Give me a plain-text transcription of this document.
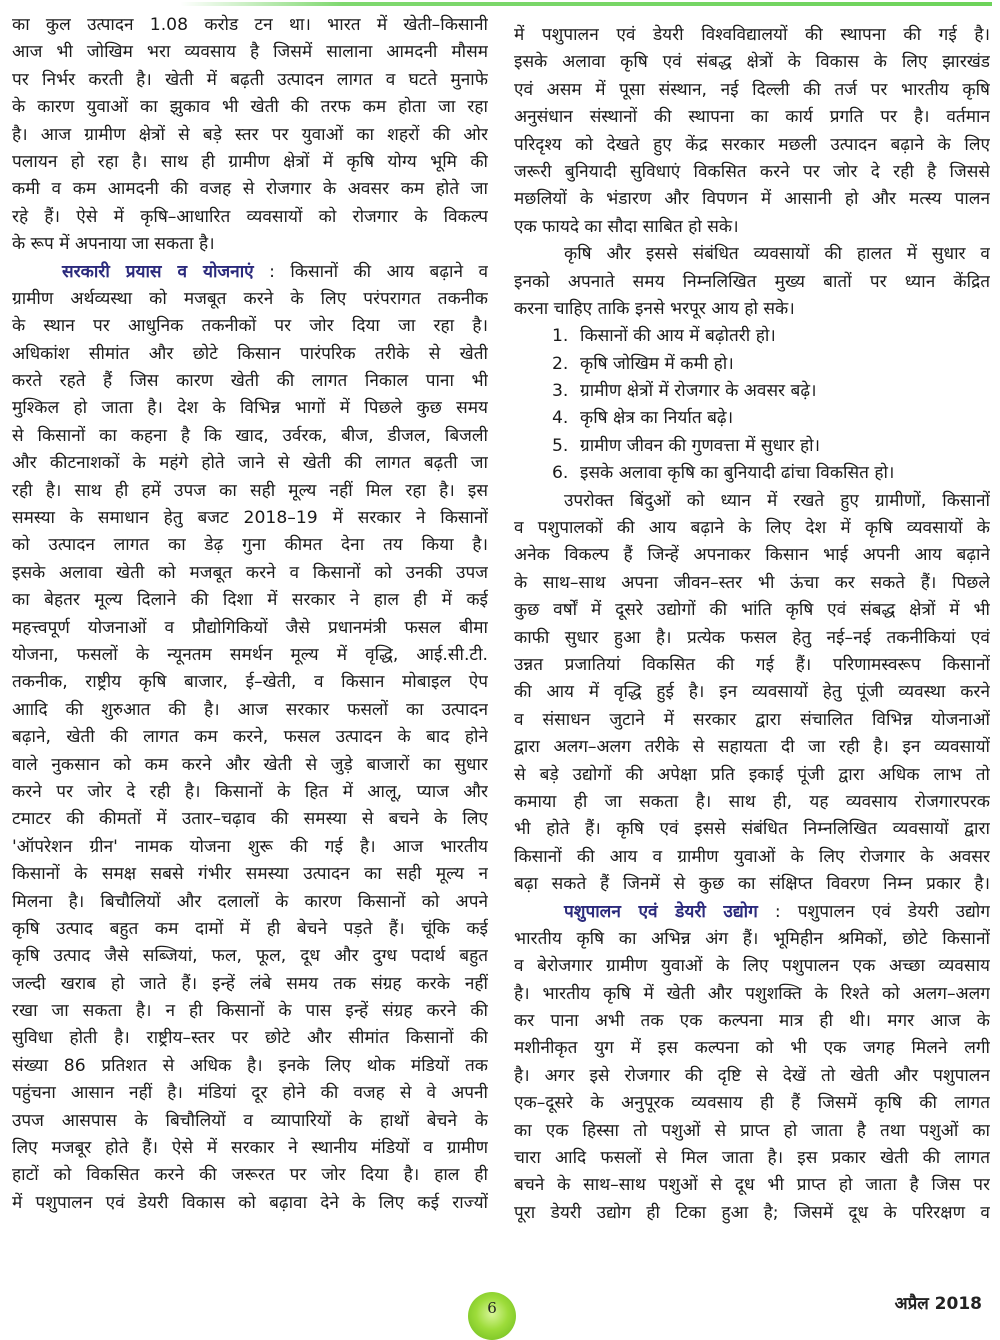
का कुल उत्पादन 1.08 करोड टन था। भारत में खेती–किसानी
आज भी जोखिम भरा व्यवसाय है जिसमें सालाना आमदनी मौसम
पर निर्भर करती है। खेती में बढ़ती उत्पादन लागत व घटते मुनाफे
के कारण युवाओं का झुकाव भी खेती की तरफ कम होता जा रहा
है। आज ग्रामीण क्षेत्रों से बड़े स्तर पर युवाओं का शहरों की ओर
पलायन हो रहा है। साथ ही ग्रामीण क्षेत्रों में कृषि योग्य भूमि की
कमी व कम आमदनी की वजह से रोजगार के अवसर कम होते जा
रहे हैं। ऐसे में कृषि–आधारित व्यवसायों को रोजगार के विकल्प
के रूप में अपनाया जा सकता है।
सरकारी प्रयास व योजनाएं : किसानों की आय बढ़ाने व
ग्रामीण अर्थव्यस्था को मजबूत करने के लिए परंपरागत तकनीक
के स्थान पर आधुनिक तकनीकों पर जोर दिया जा रहा है।
अधिकांश सीमांत और छोटे किसान पारंपरिक तरीके से खेती
करते रहते हैं जिस कारण खेती की लागत निकाल पाना भी
मुश्किल हो जाता है। देश के विभिन्न भागों में पिछले कुछ समय
से किसानों का कहना है कि खाद, उर्वरक, बीज, डीजल, बिजली
और कीटनाशकों के महंगे होते जाने से खेती की लागत बढ़ती जा
रही है। साथ ही हमें उपज का सही मूल्य नहीं मिल रहा है। इस
समस्या के समाधान हेतु बजट 2018–19 में सरकार ने किसानों
को उत्पादन लागत का डेढ़ गुना कीमत देना तय किया है।
इसके अलावा खेती को मजबूत करने व किसानों को उनकी उपज
का बेहतर मूल्य दिलाने की दिशा में सरकार ने हाल ही में कई
महत्त्वपूर्ण योजनाओं व प्रौद्योगिकियों जैसे प्रधानमंत्री फसल बीमा
योजना, फसलों के न्यूनतम समर्थन मूल्य में वृद्धि, आई.सी.टी.
तकनीक, राष्ट्रीय कृषि बाजार, ई–खेती, व किसान मोबाइल ऐप
आादि की शुरुआत की है। आज सरकार फसलों का उत्पादन
बढ़ाने, खेती की लागत कम करने, फसल उत्पादन के बाद होने
वाले नुकसान को कम करने और खेती से जुड़े बाजारों का सुधार
करने पर जोर दे रही है। किसानों के हित में आलू, प्याज और
टमाटर की कीमतों में उतार–चढ़ाव की समस्या से बचने के लिए
'ऑपरेशन ग्रीन' नामक योजना शुरू की गई है। आज भारतीय
किसानों के समक्ष सबसे गंभीर समस्या उत्पादन का सही मूल्य न
मिलना है। बिचौलियों और दलालों के कारण किसानों को अपने
कृषि उत्पाद बहुत कम दामों में ही बेचने पड़ते हैं। चूंकि कई
कृषि उत्पाद जैसे सब्जियां, फल, फूल, दूध और दुग्ध पदार्थ बहुत
जल्दी खराब हो जाते हैं। इन्हें लंबे समय तक संग्रह करके नहीं
रखा जा सकता है। न ही किसानों के पास इन्हें संग्रह करने की
सुविधा होती है। राष्ट्रीय–स्तर पर छोटे और सीमांत किसानों की
संख्या 86 प्रतिशत से अधिक है। इनके लिए थोक मंडियों तक
पहुंचना आसान नहीं है। मंडियां दूर होने की वजह से वे अपनी
उपज आसपास के बिचौलियों व व्यापारियों के हाथों बेचने के
लिए मजबूर होते हैं। ऐसे में सरकार ने स्थानीय मंडियों व ग्रामीण
हाटों को विकसित करने की जरूरत पर जोर दिया है। हाल ही
में पशुपालन एवं डेयरी विकास को बढ़ावा देने के लिए कई राज्यों
में पशुपालन एवं डेयरी विश्वविद्यालयों की स्थापना की गई है।
इसके अलावा कृषि एवं संबद्ध क्षेत्रों के विकास के लिए झारखंड
एवं असम में पूसा संस्थान, नई दिल्ली की तर्ज पर भारतीय कृषि
अनुसंधान संस्थानों की स्थापना का कार्य प्रगति पर है। वर्तमान
परिदृश्य को देखते हुए केंद्र सरकार मछली उत्पादन बढ़ाने के लिए
जरूरी बुनियादी सुविधाएं विकसित करने पर जोर दे रही है जिससे
मछलियों के भंडारण और विपणन में आसानी हो और मत्स्य पालन
एक फायदे का सौदा साबित हो सके।
कृषि और इससे संबंधित व्यवसायों की हालत में सुधार व
इनको अपनाते समय निम्नलिखित मुख्य बातों पर ध्यान केंद्रित
करना चाहिए ताकि इनसे भरपूर आय हो सके।
1. किसानों की आय में बढ़ोतरी हो।
2. कृषि जोखिम में कमी हो।
3. ग्रामीण क्षेत्रों में रोजगार के अवसर बढ़े।
4. कृषि क्षेत्र का निर्यात बढ़े।
5. ग्रामीण जीवन की गुणवत्ता में सुधार हो।
6. इसके अलावा कृषि का बुनियादी ढांचा विकसित हो।
उपरोक्त बिंदुओं को ध्यान में रखते हुए ग्रामीणों, किसानों
व पशुपालकों की आय बढ़ाने के लिए देश में कृषि व्यवसायों के
अनेक विकल्प हैं जिन्हें अपनाकर किसान भाई अपनी आय बढ़ाने
के साथ–साथ अपना जीवन–स्तर भी ऊंचा कर सकते हैं। पिछले
कुछ वर्षों में दूसरे उद्योगों की भांति कृषि एवं संबद्ध क्षेत्रों में भी
काफी सुधार हुआ है। प्रत्येक फसल हेतु नई–नई तकनीकियां एवं
उन्नत प्रजातियां विकसित की गई हैं। परिणामस्वरूप किसानों
की आय में वृद्धि हुई है। इन व्यवसायों हेतु पूंजी व्यवस्था करने
व संसाधन जुटाने में सरकार द्वारा संचालित विभिन्न योजनाओं
द्वारा अलग–अलग तरीके से सहायता दी जा रही है। इन व्यवसायों
से बड़े उद्योगों की अपेक्षा प्रति इकाई पूंजी द्वारा अधिक लाभ तो
कमाया ही जा सकता है। साथ ही, यह व्यवसाय रोजगारपरक
भी होते हैं। कृषि एवं इससे संबंधित निम्नलिखित व्यवसायों द्वारा
किसानों की आय व ग्रामीण युवाओं के लिए रोजगार के अवसर
बढ़ा सकते हैं जिनमें से कुछ का संक्षिप्त विवरण निम्न प्रकार है।
पशुपालन एवं डेयरी उद्योग : पशुपालन एवं डेयरी उद्योग
भारतीय कृषि का अभिन्न अंग हैं। भूमिहीन श्रमिकों, छोटे किसानों
व बेरोजगार ग्रामीण युवाओं के लिए पशुपालन एक अच्छा व्यवसाय
है। भारतीय कृषि में खेती और पशुशक्ति के रिश्ते को अलग–अलग
कर पाना अभी तक एक कल्पना मात्र ही थी। मगर आज के
मशीनीकृत युग में इस कल्पना को भी एक जगह मिलने लगी
है। अगर इसे रोजगार की दृष्टि से देखें तो खेती और पशुपालन
एक–दूसरे के अनुपूरक व्यवसाय ही हैं जिसमें कृषि की लागत
का एक हिस्सा तो पशुओं से प्राप्त हो जाता है तथा पशुओं का
चारा आदि फसलों से मिल जाता है। इस प्रकार खेती की लागत
बचने के साथ–साथ पशुओं से दूध भी प्राप्त हो जाता है जिस पर
पूरा डेयरी उद्योग ही टिका हुआ है; जिसमें दूध के परिरक्षण व
6	अप्रैल 2018
